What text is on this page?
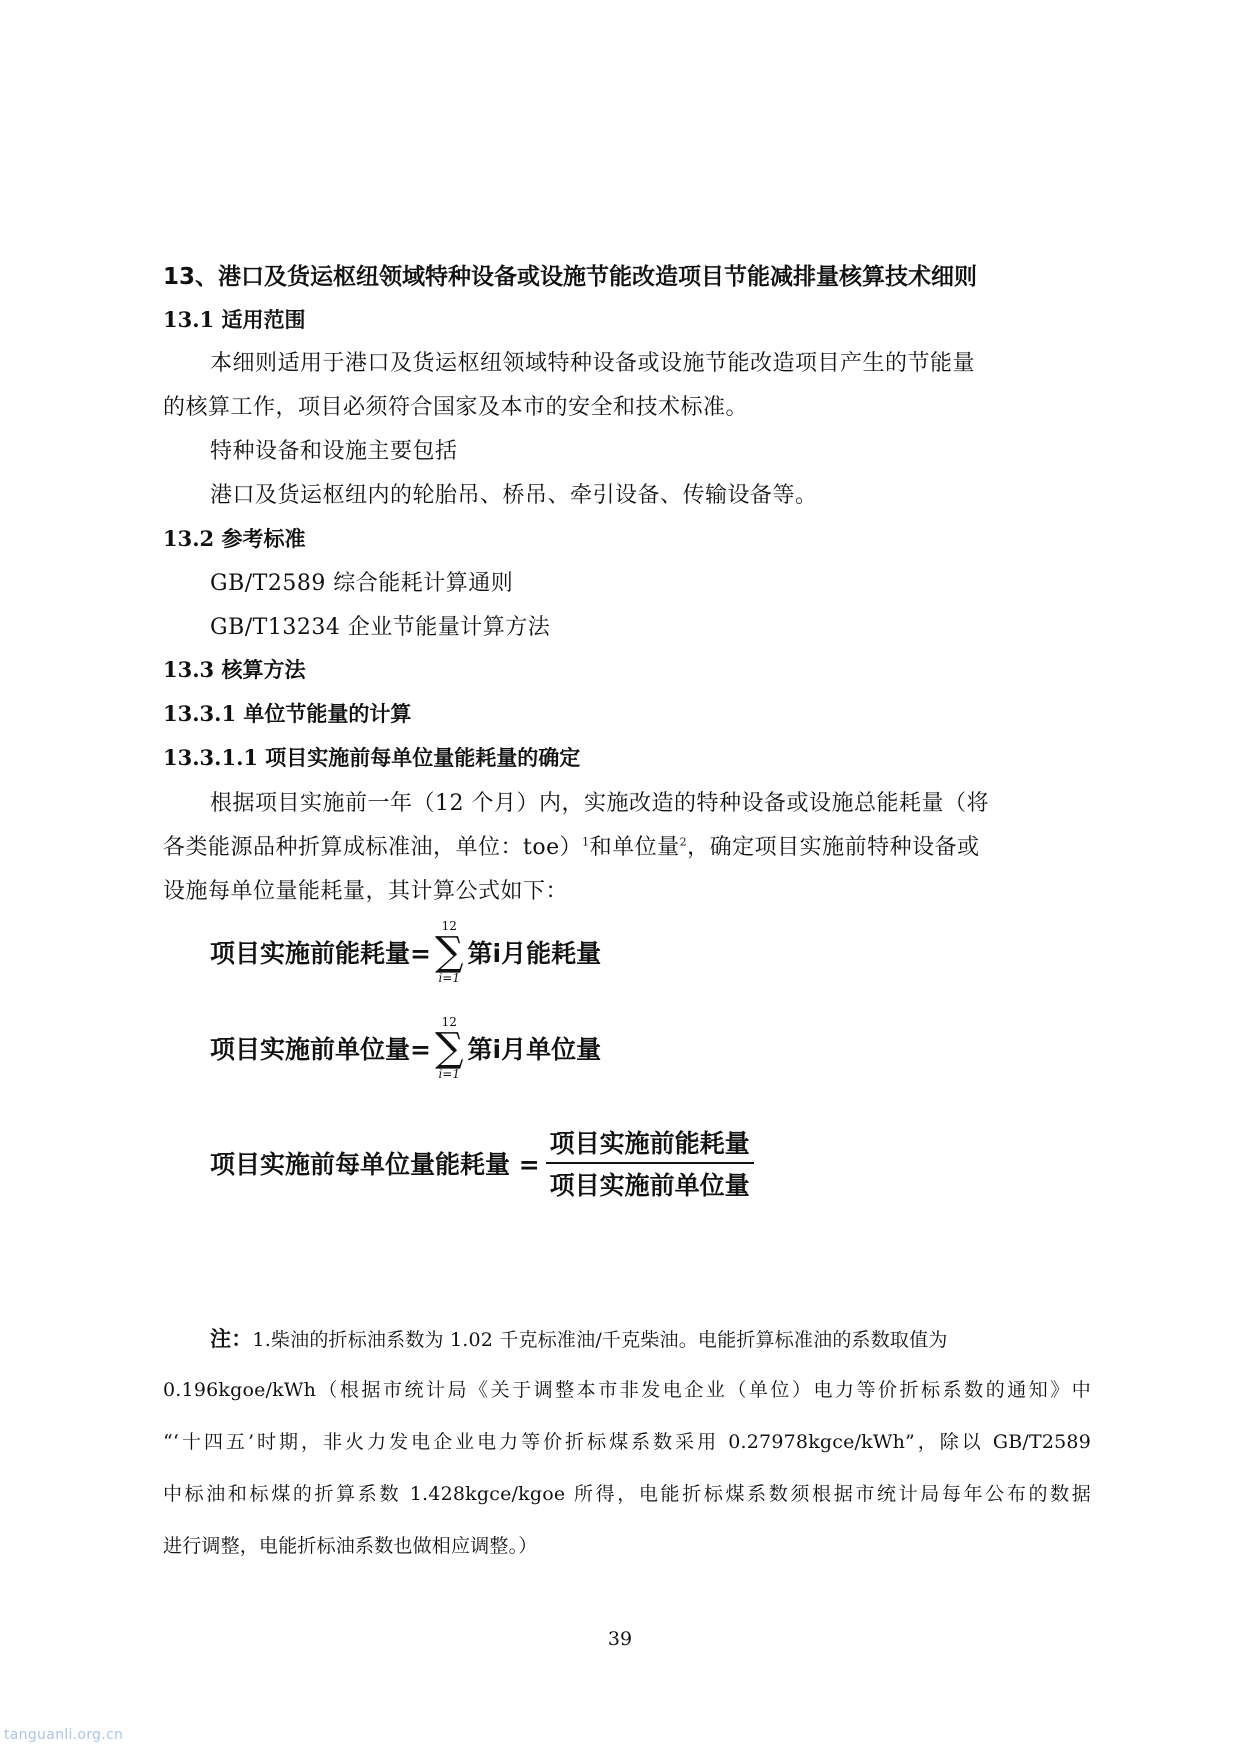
13、港口及货运枢纽领域特种设备或设施节能改造项目节能减排量核算技术细则
13.1 适用范围
本细则适用于港口及货运枢纽领域特种设备或设施节能改造项目产生的节能量
的核算工作，项目必须符合国家及本市的安全和技术标准。
特种设备和设施主要包括
港口及货运枢纽内的轮胎吊、桥吊、牵引设备、传输设备等。
13.2 参考标准
GB/T2589 综合能耗计算通则
GB/T13234 企业节能量计算方法
13.3 核算方法
13.3.1 单位节能量的计算
13.3.1.1 项目实施前每单位量能耗量的确定
根据项目实施前一年（12 个月）内，实施改造的特种设备或设施总能耗量（将
各类能源品种折算成标准油，单位：toe）$^1$和单位量$^2$，确定项目实施前特种设备或
设施每单位量能耗量，其计算公式如下：
项目实施前能耗量=
12
∑
i=1
第i月能耗量
项目实施前单位量=
12
∑
i=1
第i月单位量
项目实施前每单位量能耗量 = $\frac{\text{项目实施前能耗量}}{\text{项目实施前单位量}}$
注：1.柴油的折标油系数为 1.02 千克标准油/千克柴油。电能折算标准油的系数取值为
0.196kgoe/kWh（根据市统计局《关于调整本市非发电企业（单位）电力等价折标系数的通知》中
“‘十四五’时期，非火力发电企业电力等价折标煤系数采用 0.27978kgce/kWh”，除以 GB/T2589
中标油和标煤的折算系数 1.428kgce/kgoe 所得，电能折标煤系数须根据市统计局每年公布的数据
进行调整，电能折标油系数也做相应调整。）
39
tanguanli.org.cn
